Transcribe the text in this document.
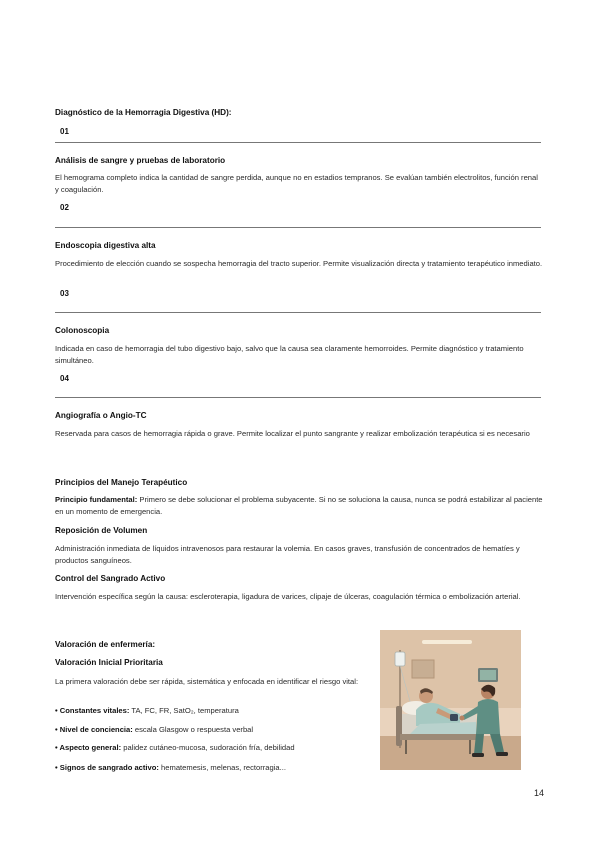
Diagnóstico de la Hemorragia Digestiva (HD):
01
Análisis de sangre y pruebas de laboratorio
El hemograma completo indica la cantidad de sangre perdida, aunque no en estadios tempranos. Se evalúan también electrolitos, función renal y coagulación.
02
Endoscopia digestiva alta
Procedimiento de elección cuando se sospecha hemorragia del tracto superior. Permite visualización directa y tratamiento terapéutico inmediato.
03
Colonoscopia
Indicada en caso de hemorragia del tubo digestivo bajo, salvo que la causa sea claramente hemorroides. Permite diagnóstico y tratamiento simultáneo.
04
Angiografía o Angio-TC
Reservada para casos de hemorragia rápida o grave. Permite localizar el punto sangrante y realizar embolización terapéutica si es necesario
Principios del Manejo Terapéutico
Principio fundamental: Primero se debe solucionar el problema subyacente. Si no se soluciona la causa, nunca se podrá estabilizar al paciente en un momento de emergencia.
Reposición de Volumen
Administración inmediata de líquidos intravenosos para restaurar la volemia. En casos graves, transfusión de concentrados de hematíes y productos sanguíneos.
Control del Sangrado Activo
Intervención específica según la causa: escleroterapia, ligadura de varices, clipaje de úlceras, coagulación térmica o embolización arterial.
Valoración de enfermería:
Valoración Inicial Prioritaria
La primera valoración debe ser rápida, sistemática y enfocada en identificar el riesgo vital:
• Constantes vitales: TA, FC, FR, SatO₂, temperatura
• Nivel de conciencia: escala Glasgow o respuesta verbal
• Aspecto general: palidez cutáneo-mucosa, sudoración fría, debilidad
• Signos de sangrado activo: hematemesis, melenas, rectorragia...
14
